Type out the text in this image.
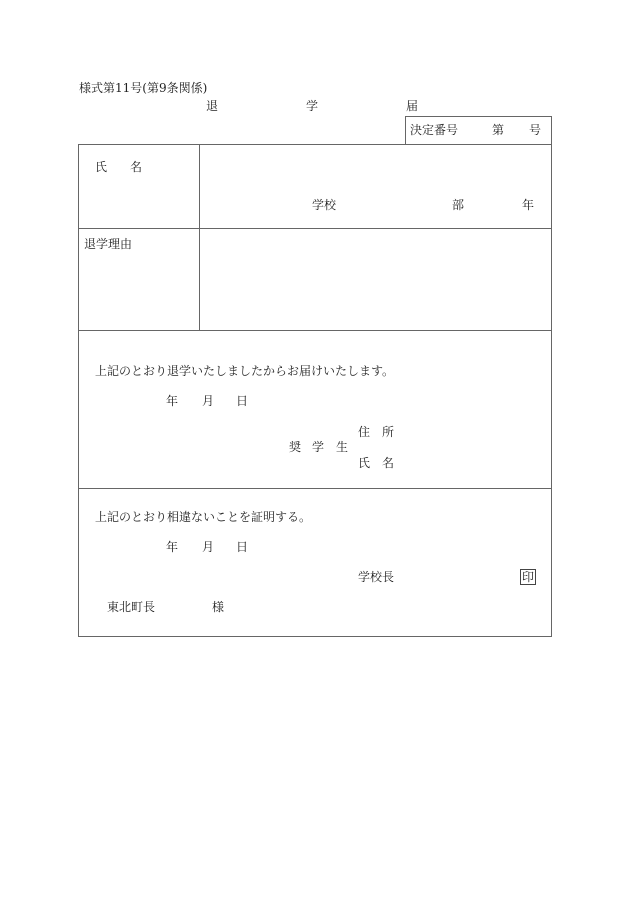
様式第11号(第9条関係)
退	学	届
決定番号	第 号
氏 名
学校	部	年
退学理由
上記のとおり退学いたしましたからお届けいたします。
年 月 日
住 所
奨 学 生
氏 名
上記のとおり相違ないことを証明する。
年 月 日
学校長	印
東北町長	様
